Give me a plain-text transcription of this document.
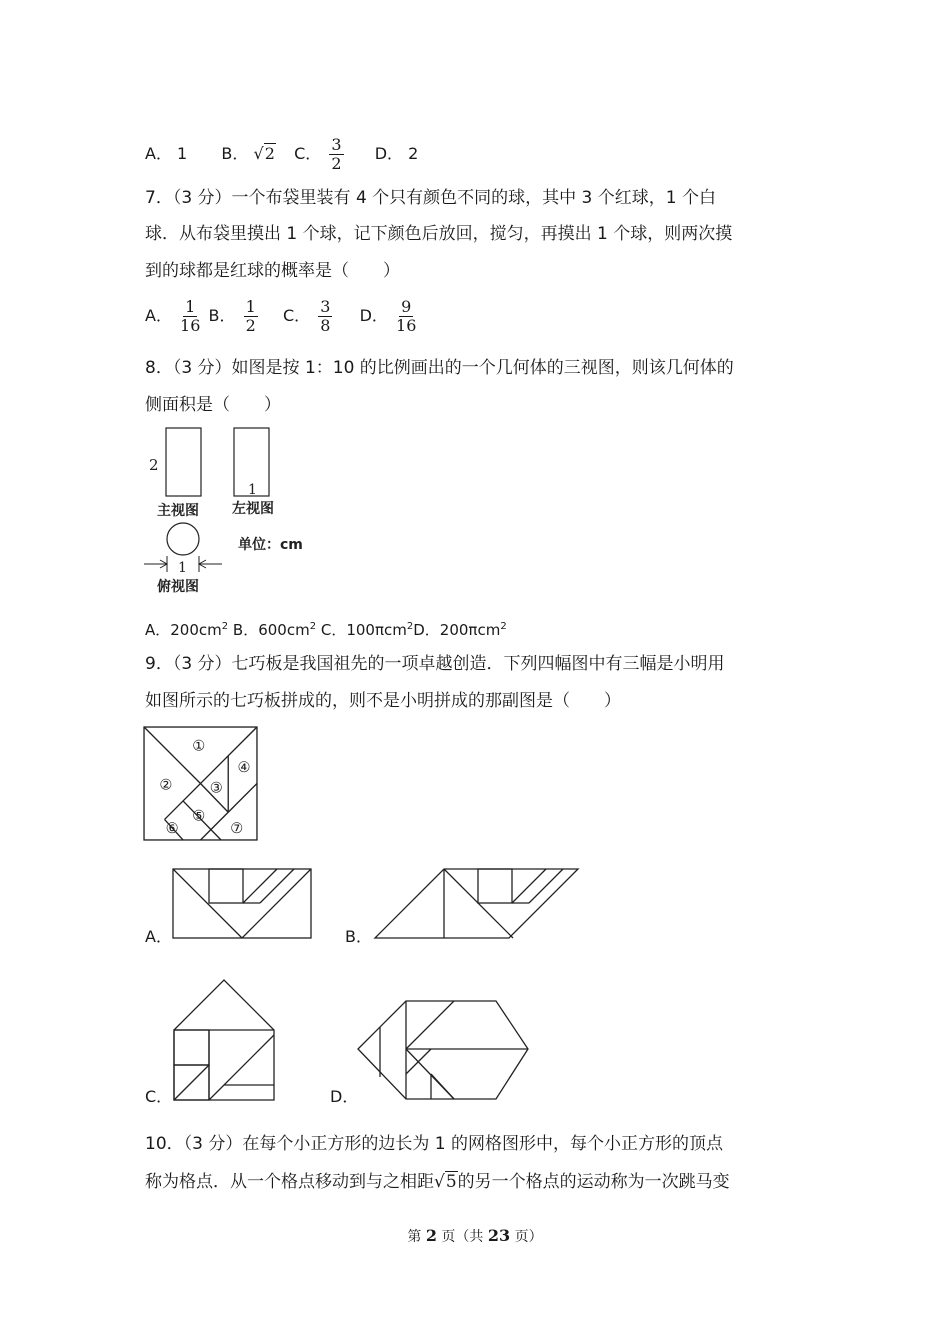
A． 1 B． √2 C． $\frac{3}{2}$ D． 2
7．（3 分）一个布袋里装有 4 个只有颜色不同的球，其中 3 个红球，1 个白
球．从布袋里摸出 1 个球，记下颜色后放回，搅匀，再摸出 1 个球，则两次摸
到的球都是红球的概率是（　　）
A． $\frac{1}{16}$ B． $\frac{1}{2}$ C． $\frac{3}{8}$ D． $\frac{9}{16}$
8．（3 分）如图是按 1：10 的比例画出的一个几何体的三视图，则该几何体的
侧面积是（　　）
2
1
主视图 左视图
单位：cm
1
俯视图
A．$200cm^2$ B．$600cm^2$ C．100πcm$^2$D．200πcm$^2$
9．（3 分）七巧板是我国祖先的一项卓越创造．下列四幅图中有三幅是小明用
如图所示的七巧板拼成的，则不是小明拼成的那副图是（　　）
①
②	③
④
⑤
⑥	⑦
A．	B．
C．	D．
10．（3 分）在每个小正方形的边长为 1 的网格图形中，每个小正方形的顶点
称为格点．从一个格点移动到与之相距√5的另一个格点的运动称为一次跳马变
第 2 页（共 23 页）
